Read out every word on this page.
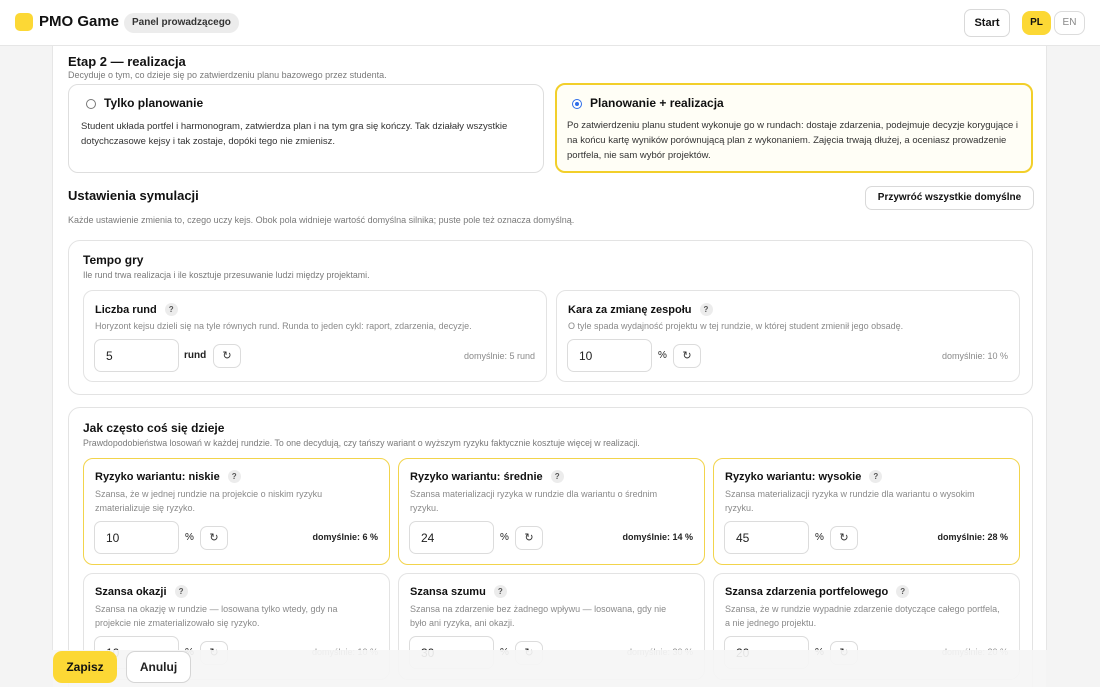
PMO Game	Panel prowadzącego	Start	PL	EN
Etap 2 — realizacja
Decyduje o tym, co dzieje się po zatwierdzeniu planu bazowego przez studenta.
Tylko planowanie
Student układa portfel i harmonogram, zatwierdza plan i na tym gra się kończy. Tak działały wszystkie dotychczasowe kejsy i tak zostaje, dopóki tego nie zmienisz.
Planowanie + realizacja
Po zatwierdzeniu planu student wykonuje go w rundach: dostaje zdarzenia, podejmuje decyzje korygujące i na końcu kartę wyników porównującą plan z wykonaniem. Zajęcia trwają dłużej, a oceniasz prowadzenie portfela, nie sam wybór projektów.
Ustawienia symulacji
Każde ustawienie zmienia to, czego uczy kejs. Obok pola widnieje wartość domyślna silnika; puste pole też oznacza domyślną.
Przywróć wszystkie domyślne
Tempo gry
Ile rund trwa realizacja i ile kosztuje przesuwanie ludzi między projektami.
Liczba rund ?
Horyzont kejsu dzieli się na tyle równych rund. Runda to jeden cykl: raport, zdarzenia, decyzje.
5
rund	↻	domyślnie: 5 rund
Kara za zmianę zespołu ?
O tyle spada wydajność projektu w tej rundzie, w której student zmienił jego obsadę.
10
%	↻	domyślnie: 10 %
Jak często coś się dzieje
Prawdopodobieństwa losowań w każdej rundzie. To one decydują, czy tańszy wariant o wyższym ryzyku faktycznie kosztuje więcej w realizacji.
Ryzyko wariantu: niskie ?
Szansa, że w jednej rundzie na projekcie o niskim ryzyku zmaterializuje się ryzyko.
10
%	↻	domyślnie: 6 %
Ryzyko wariantu: średnie ?
Szansa materializacji ryzyka w rundzie dla wariantu o średnim ryzyku.
24
%	↻	domyślnie: 14 %
Ryzyko wariantu: wysokie ?
Szansa materializacji ryzyka w rundzie dla wariantu o wysokim ryzyku.
45
%	↻	domyślnie: 28 %
Szansa okazji ?
Szansa na okazję w rundzie — losowana tylko wtedy, gdy na projekcie nie zmaterializowało się ryzyko.
10
Szansa szumu ?
Szansa na zdarzenie bez żadnego wpływu — losowana, gdy nie było ani ryzyka, ani okazji.
30
Szansa zdarzenia portfelowego ?
Szansa, że w rundzie wypadnie zdarzenie dotyczące całego portfela, a nie jednego projektu.
20
Zapisz	Anuluj
